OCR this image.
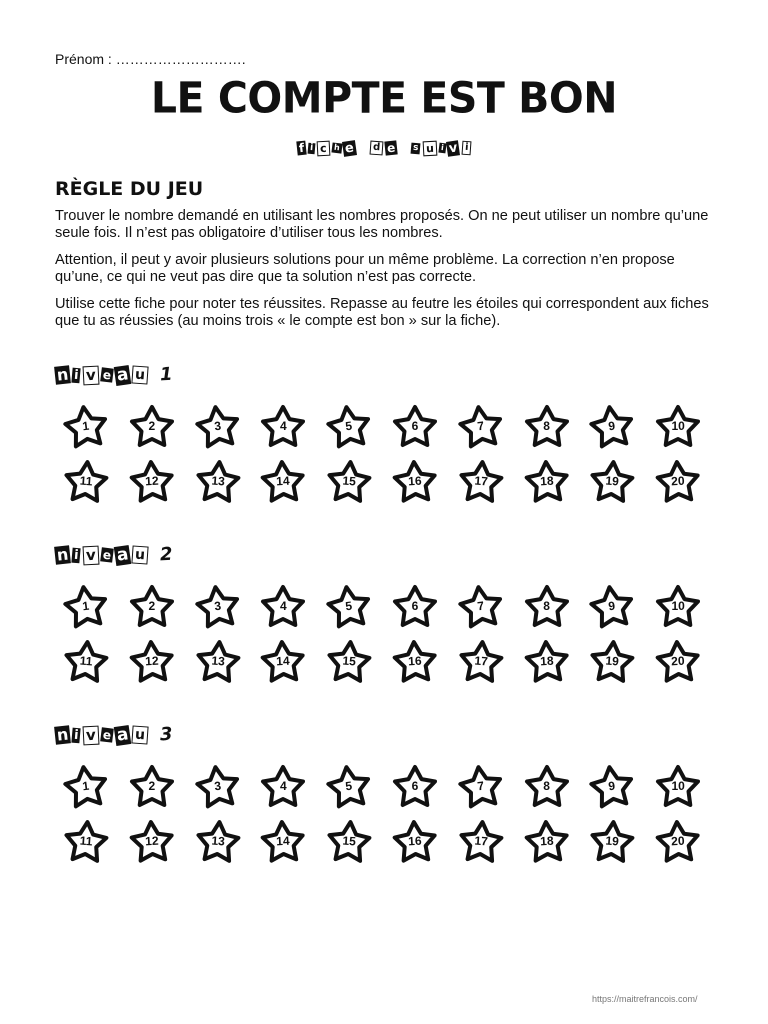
Prénom : ……………………….
LE COMPTE EST BON
f i c h e	d e s u i v i
RÈGLE DU JEU
Trouver le nombre demandé en utilisant les nombres proposés. On ne peut utiliser un nombre qu’une seule fois. Il n’est pas obligatoire d’utiliser tous les nombres.
Attention, il peut y avoir plusieurs solutions pour un même problème. La correction n’en propose qu’une, ce qui ne veut pas dire que ta solution n’est pas correcte.
Utilise cette fiche pour noter tes réussites. Repasse au feutre les étoiles qui correspondent aux fiches que tu as réussies (au moins trois « le compte est bon » sur la fiche).
n i v e a u 1
1	2	3	4	5	6	7	8	9	10
11	12	13	14	15	16	17	18	19	20
n i v e a u 2
1	2	3	4	5	6	7	8	9	10
11	12	13	14	15	16	17	18	19	20
n i v e a u 3
1	2	3	4	5	6	7	8	9	10
11	12	13	14	15	16	17	18	19	20
https://maitrefrancois.com/
